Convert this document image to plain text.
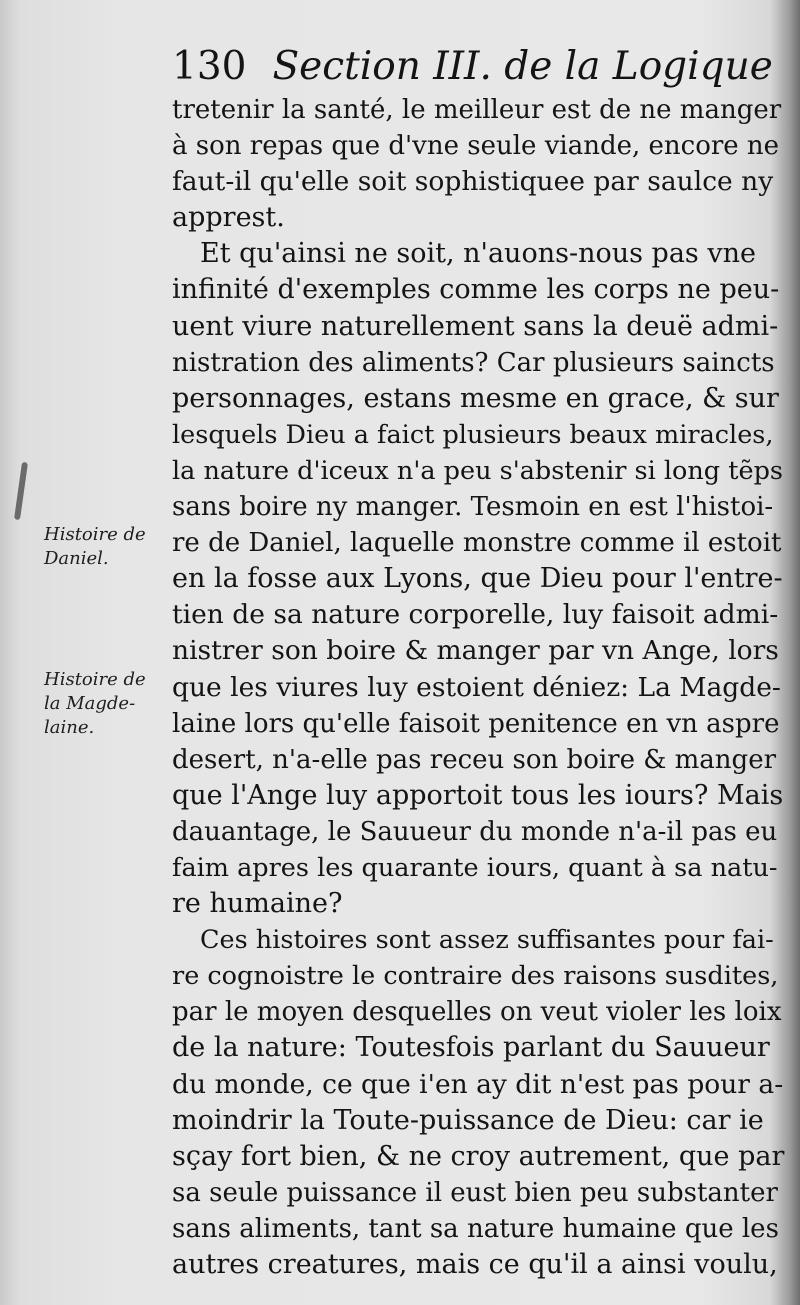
130 Section III. de la Logique
tretenir la santé, le meilleur est de ne manger
à son repas que d'vne seule viande, encore ne
faut-il qu'elle soit sophistiquee par saulce ny
apprest.
Et qu'ainsi ne soit, n'auons-nous pas vne
infinité d'exemples comme les corps ne peu-
uent viure naturellement sans la deuë admi-
nistration des aliments? Car plusieurs saincts
personnages, estans mesme en grace, & sur
lesquels Dieu a faict plusieurs beaux miracles,
la nature d'iceux n'a peu s'abstenir si long tẽps
sans boire ny manger. Tesmoin en est l'histoi-
re de Daniel, laquelle monstre comme il estoit
en la fosse aux Lyons, que Dieu pour l'entre-
tien de sa nature corporelle, luy faisoit admi-
nistrer son boire & manger par vn Ange, lors
que les viures luy estoient déniez: La Magde-
laine lors qu'elle faisoit penitence en vn aspre
desert, n'a-elle pas receu son boire & manger
que l'Ange luy apportoit tous les iours? Mais
dauantage, le Sauueur du monde n'a-il pas eu
faim apres les quarante iours, quant à sa natu-
re humaine?
Ces histoires sont assez suffisantes pour fai-
re cognoistre le contraire des raisons susdites,
par le moyen desquelles on veut violer les loix
de la nature: Toutesfois parlant du Sauueur
du monde, ce que i'en ay dit n'est pas pour a-
moindrir la Toute-puissance de Dieu: car ie
sçay fort bien, & ne croy autrement, que par
sa seule puissance il eust bien peu substanter
sans aliments, tant sa nature humaine que les
autres creatures, mais ce qu'il a ainsi voulu,
Histoire de
Daniel.
Histoire de
la Magde-
laine.
